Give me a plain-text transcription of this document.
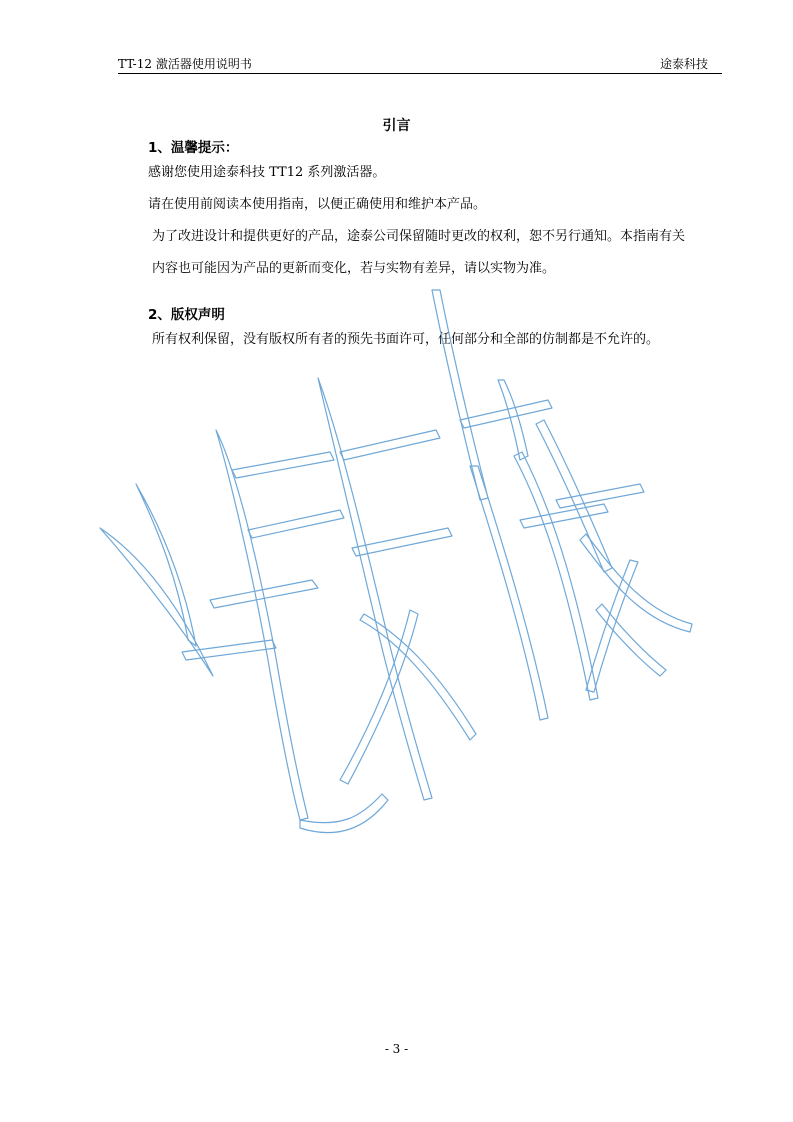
TT-12 激活器使用说明书	途泰科技
引言
1、温馨提示：
感谢您使用途泰科技 TT12 系列激活器。
请在使用前阅读本使用指南，以便正确使用和维护本产品。
为了改进设计和提供更好的产品，途泰公司保留随时更改的权利，恕不另行通知。本指南有关
内容也可能因为产品的更新而变化，若与实物有差异，请以实物为准。
2、版权声明
所有权利保留，没有版权所有者的预先书面许可，任何部分和全部的仿制都是不允许的。
- 3 -
